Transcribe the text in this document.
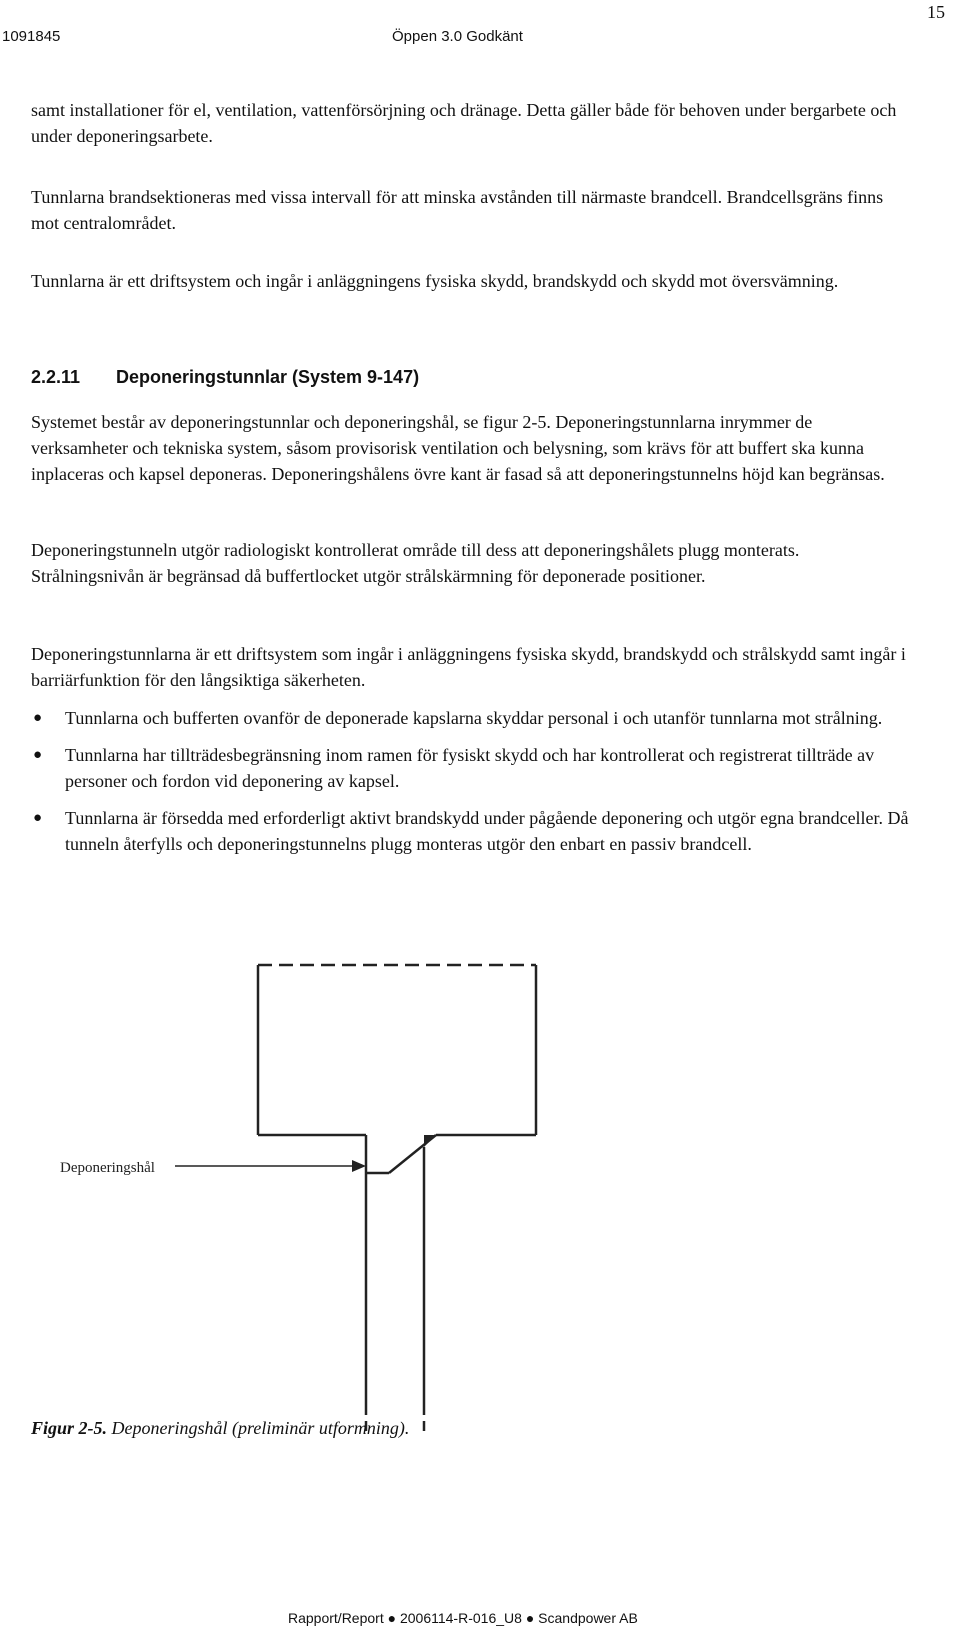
15
1091845	Öppen 3.0 Godkänt

samt installationer för el, ventilation, vattenförsörjning och dränage. Detta gäller både för behoven under bergarbete och under deponeringsarbete.

Tunnlarna brandsektioneras med vissa intervall för att minska avstånden till närmaste brandcell. Brandcellsgräns finns mot centralområdet.

Tunnlarna är ett driftsystem och ingår i anläggningens fysiska skydd, brandskydd och skydd mot översvämning.

2.2.11 Deponeringstunnlar (System 9-147)

Systemet består av deponeringstunnlar och deponeringshål, se figur 2-5. Deponeringstunnlarna inrymmer de verksamheter och tekniska system, såsom provisorisk ventilation och belysning, som krävs för att buffert ska kunna inplaceras och kapsel deponeras. Deponeringshålens övre kant är fasad så att deponeringstunnelns höjd kan begränsas.

Deponeringstunneln utgör radiologiskt kontrollerat område till dess att deponeringshålets plugg monterats. Strålningsnivån är begränsad då buffertlocket utgör strålskärmning för deponerade positioner.

Deponeringstunnlarna är ett driftsystem som ingår i anläggningens fysiska skydd, brandskydd och strålskydd samt ingår i barriärfunktion för den långsiktiga säkerheten.

● Tunnlarna och bufferten ovanför de deponerade kapslarna skyddar personal i och utanför tunnlarna mot strålning.
● Tunnlarna har tillträdesbegränsning inom ramen för fysiskt skydd och har kontrollerat och registrerat tillträde av personer och fordon vid deponering av kapsel.
● Tunnlarna är försedda med erforderligt aktivt brandskydd under pågående deponering och utgör egna brandceller. Då tunneln återfylls och deponeringstunnelns plugg monteras utgör den enbart en passiv brandcell.
Deponeringshål
Figur 2-5. Deponeringshål (preliminär utformning).
Rapport/Report ● 2006114-R-016_U8 ● Scandpower AB
